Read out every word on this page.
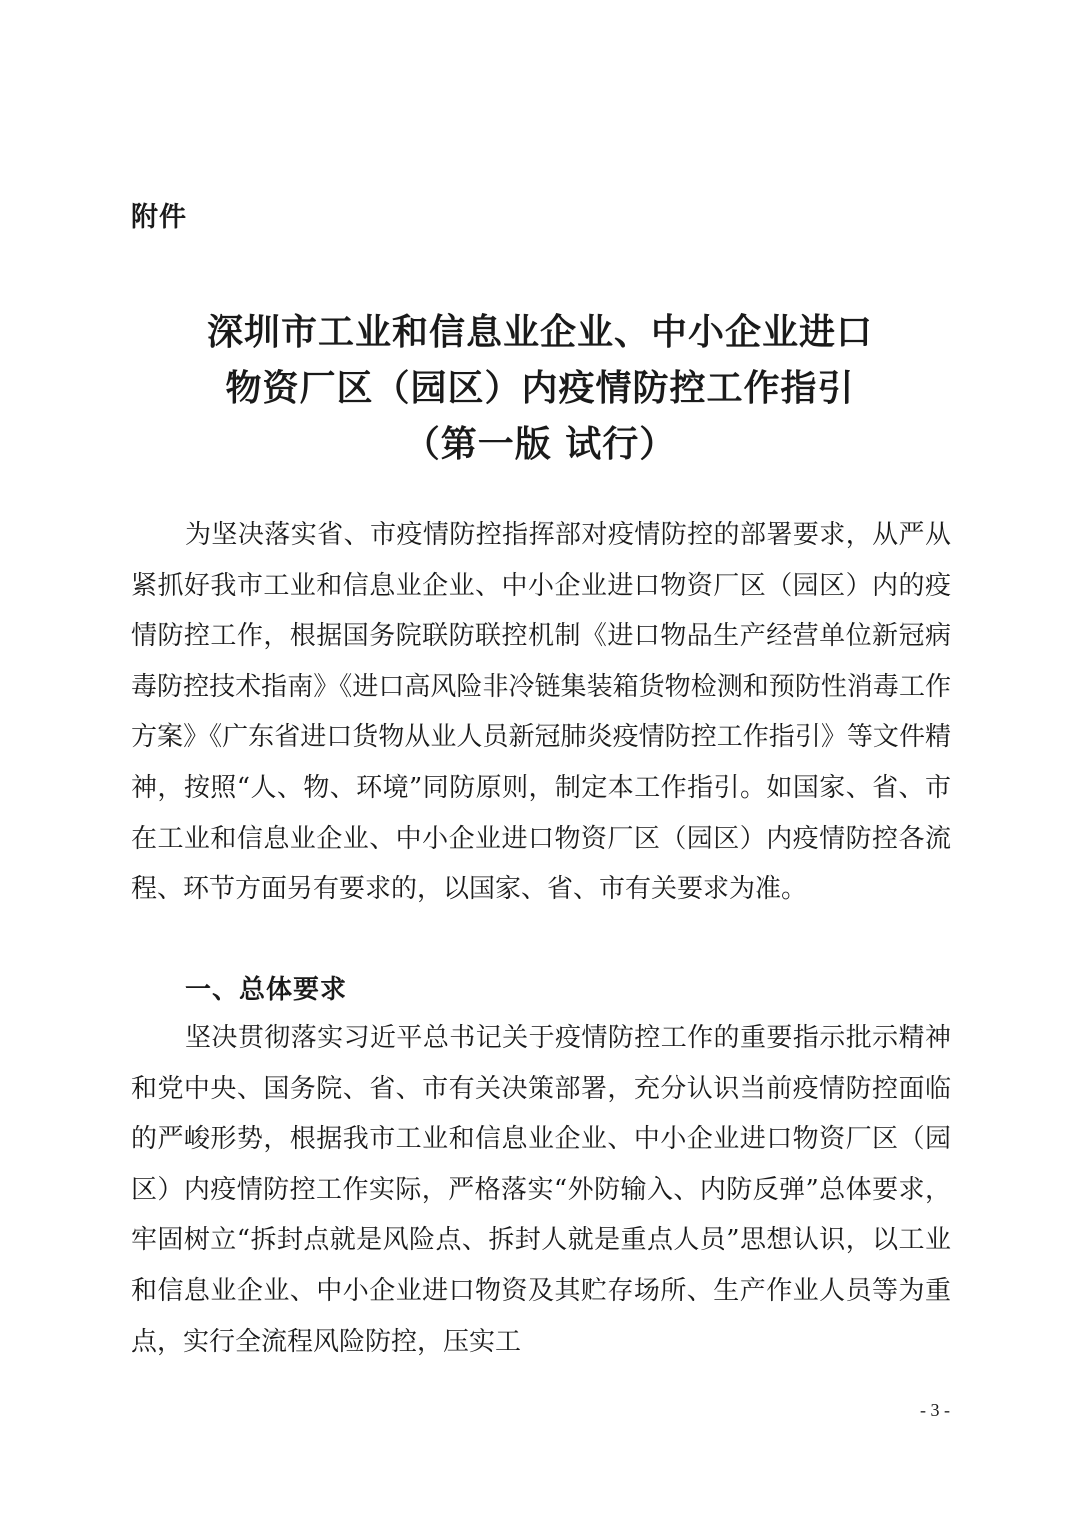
附件
深圳市工业和信息业企业、中小企业进口
物资厂区（园区）内疫情防控工作指引
（第一版 试行）

为坚决落实省、市疫情防控指挥部对疫情防控的部署要求，从严从紧抓好我市工业和信息业企业、中小企业进口物资厂区（园区）内的疫情防控工作，根据国务院联防联控机制《进口物品生产经营单位新冠病毒防控技术指南》《进口高风险非冷链集装箱货物检测和预防性消毒工作方案》《广东省进口货物从业人员新冠肺炎疫情防控工作指引》等文件精神，按照“人、物、环境”同防原则，制定本工作指引。如国家、省、市在工业和信息业企业、中小企业进口物资厂区（园区）内疫情防控各流程、环节方面另有要求的，以国家、省、市有关要求为准。

一、总体要求

坚决贯彻落实习近平总书记关于疫情防控工作的重要指示批示精神和党中央、国务院、省、市有关决策部署，充分认识当前疫情防控面临的严峻形势，根据我市工业和信息业企业、中小企业进口物资厂区（园区）内疫情防控工作实际，严格落实“外防输入、内防反弹”总体要求，牢固树立“拆封点就是风险点、拆封人就是重点人员”思想认识，以工业和信息业企业、中小企业进口物资及其贮存场所、生产作业人员等为重点，实行全流程风险防控，压实工

- 3 -
